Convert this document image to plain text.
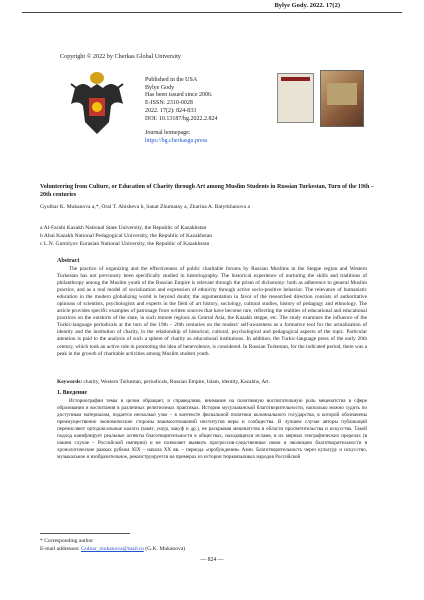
Bylye Gody. 2022. 17(2)
Copyright © 2022 by Cherkas Global University
Published in the USA
Bylye Gody
Has been issued since 2006.
E-ISSN: 2310-0028
2022. 17(2): 824-833
DOI: 10.13187/bg.2022.2.824
Journal homepage:
https://bg.cherkasgu.press
Volunteering from Culture, or Education of Charity through Art among Muslim Students in Russian Turkestan, Turn of the 19th – 20th centuries
Gyulbar K. Mukanova a,*, Oral T. Abisheva b, Sanat Zhumatay a, Zharina A. Batyrkhanova a
a Al-Farabi Kazakh National State University, the Republic of Kazakhstan
b Abai Kazakh National Pedagogical University, the Republic of Kazakhstan
c L.N. Gumilyov Eurasian National University, the Republic of Kazakhstan
Abstract
The practice of organizing and the effectiveness of public charitable forums by Russian Muslims in the Steppe region and Western Turkestan has not previously been specifically studied in historiography. The historical experience of nurturing the skills and traditions of philanthropy among the Muslim youth of the Russian Empire is relevant through the prism of dichotomy: both as adherence to general Muslim practice, and as a real model of socialization and expression of ethnicity through active socio-positive behavior. The relevance of humanistic education in the modern globalizing world is beyond doubt; the argumentation in favor of the researched direction consists of authoritative opinions of scientists, psychologists and experts in the field of art history, sociology, cultural studies, history of pedagogy and ethnology. The article provides specific examples of patronage from written sources that have become rare, reflecting the realities of educational and educational practices on the outskirts of the state, in such remote regions as Central Asia, the Kazakh steppe, etc. The study examines the influence of the Turkic-language periodicals at the turn of the 19th – 20th centuries on the readers' self-awareness as a formative tool for the actualization of identity and the institution of charity, in the relationship of historical, cultural, psychological and pedagogical aspects of the topic. Particular attention is paid to the analysis of such a sphere of charity as educational institutions. In addition, the Turkic-language press of the early 20th century, which took an active role in promoting the idea of benevolence, is considered. In Russian Turkestan, for the indicated period, there was a peak in the growth of charitable activities among Muslim student youth.
Keywords: charity, Western Turkestan, periodicals, Russian Empire, Islam, identity, Kazakhs, Art.
1. Введение
Историографии темы в целом обращает, и справедливо, внимание на позитивную воспитательную роль меценатства в сфере образования и воспитания в различных религиозных практиках. История мусульманской благотворительности, насколько можно судить по доступным материалам, подается несколько узко – в контексте фискальной политики колониального государства, в которой обозначены преимущественно экономические стороны взаимоотношений институтов веры и сообщества. В лучшем случае авторы публикаций перечисляют ортодоксальные налоги (закят, ушур, вакуф и др.), не раскрывая меценатства в области просветительства и искусства. Такой подход канифлирует реальные аспекты благотворительности в обществах, находящихся исламе, в их мерных географических пределах (в нашем случае – Российской империи) и не позволяет выявить прогрессив-следственные связи и эволюцию благотворительности в хронологические рамках рубежа XIX – начала XX вв. – периода «пробуждения» Азии. Благотворительность через культуру и искусство, музыкальное и изобразительное, реконструируется на примерах из истории тюркоязычных народов Российской
* Corresponding author
E-mail addresses: Gulnar_mukanova@mail.ru (G.K. Mukanova)
— 824 —
